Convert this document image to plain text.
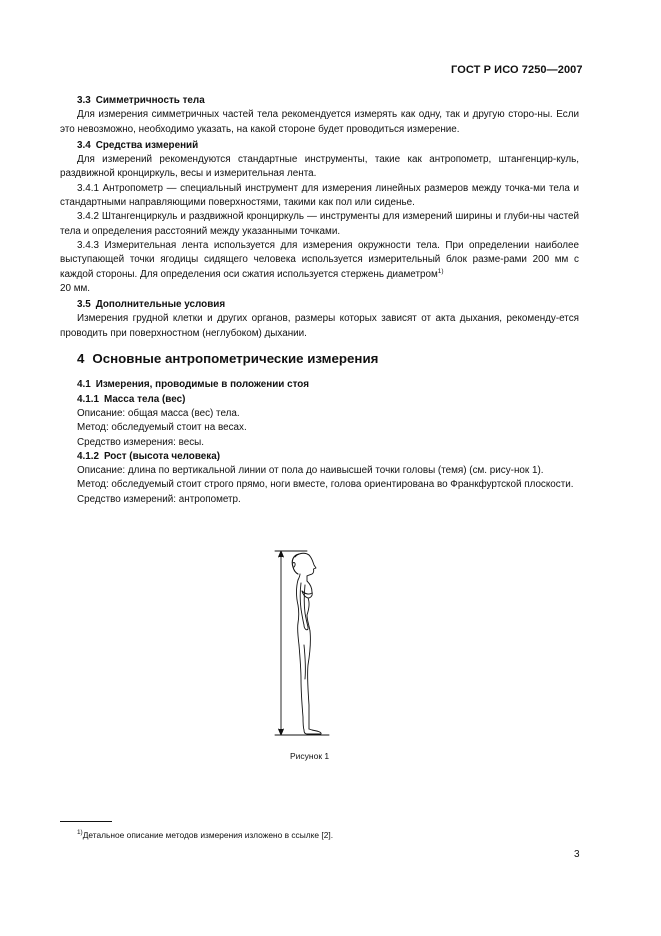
ГОСТ Р ИСО 7250—2007
3.3 Симметричность тела

Для измерения симметричных частей тела рекомендуется измерять как одну, так и другую сторо-ны. Если это невозможно, необходимо указать, на какой стороне будет проводиться измерение.

3.4 Средства измерений

Для измерений рекомендуются стандартные инструменты, такие как антропометр, штангенцир-куль, раздвижной кронциркуль, весы и измерительная лента.

3.4.1 Антропометр — специальный инструмент для измерения линейных размеров между точка-ми тела и стандартными направляющими поверхностями, такими как пол или сиденье.

3.4.2 Штангенциркуль и раздвижной кронциркуль — инструменты для измерений ширины и глуби-ны частей тела и определения расстояний между указанными точками.

3.4.3 Измерительная лента используется для измерения окружности тела. При определении наиболее выступающей точки ягодицы сидящего человека используется измерительный блок разме-рами 200 мм с каждой стороны. Для определения оси сжатия используется стержень диаметром$^{1)}$

20 мм.

3.5 Дополнительные условия

Измерения грудной клетки и других органов, размеры которых зависят от акта дыхания, рекоменду-ется проводить при поверхностном (неглубоком) дыхании.

4 Основные антропометрические измерения
4.1 Измерения, проводимые в положении стоя
4.1.1 Масса тела (вес)

Описание: общая масса (вес) тела.

Метод: обследуемый стоит на весах.

Средство измерения: весы.

4.1.2 Рост (высота человека)

Описание: длина по вертикальной линии от пола до наивысшей точки головы (темя) (см. рису-нок 1).

Метод: обследуемый стоит строго прямо, ноги вместе, голова ориентирована во Франкфуртской плоскости.

Средство измерений: антропометр.

Рисунок 1
$^{1)}$Детальное описание методов измерения изложено в ссылке [2].
3
